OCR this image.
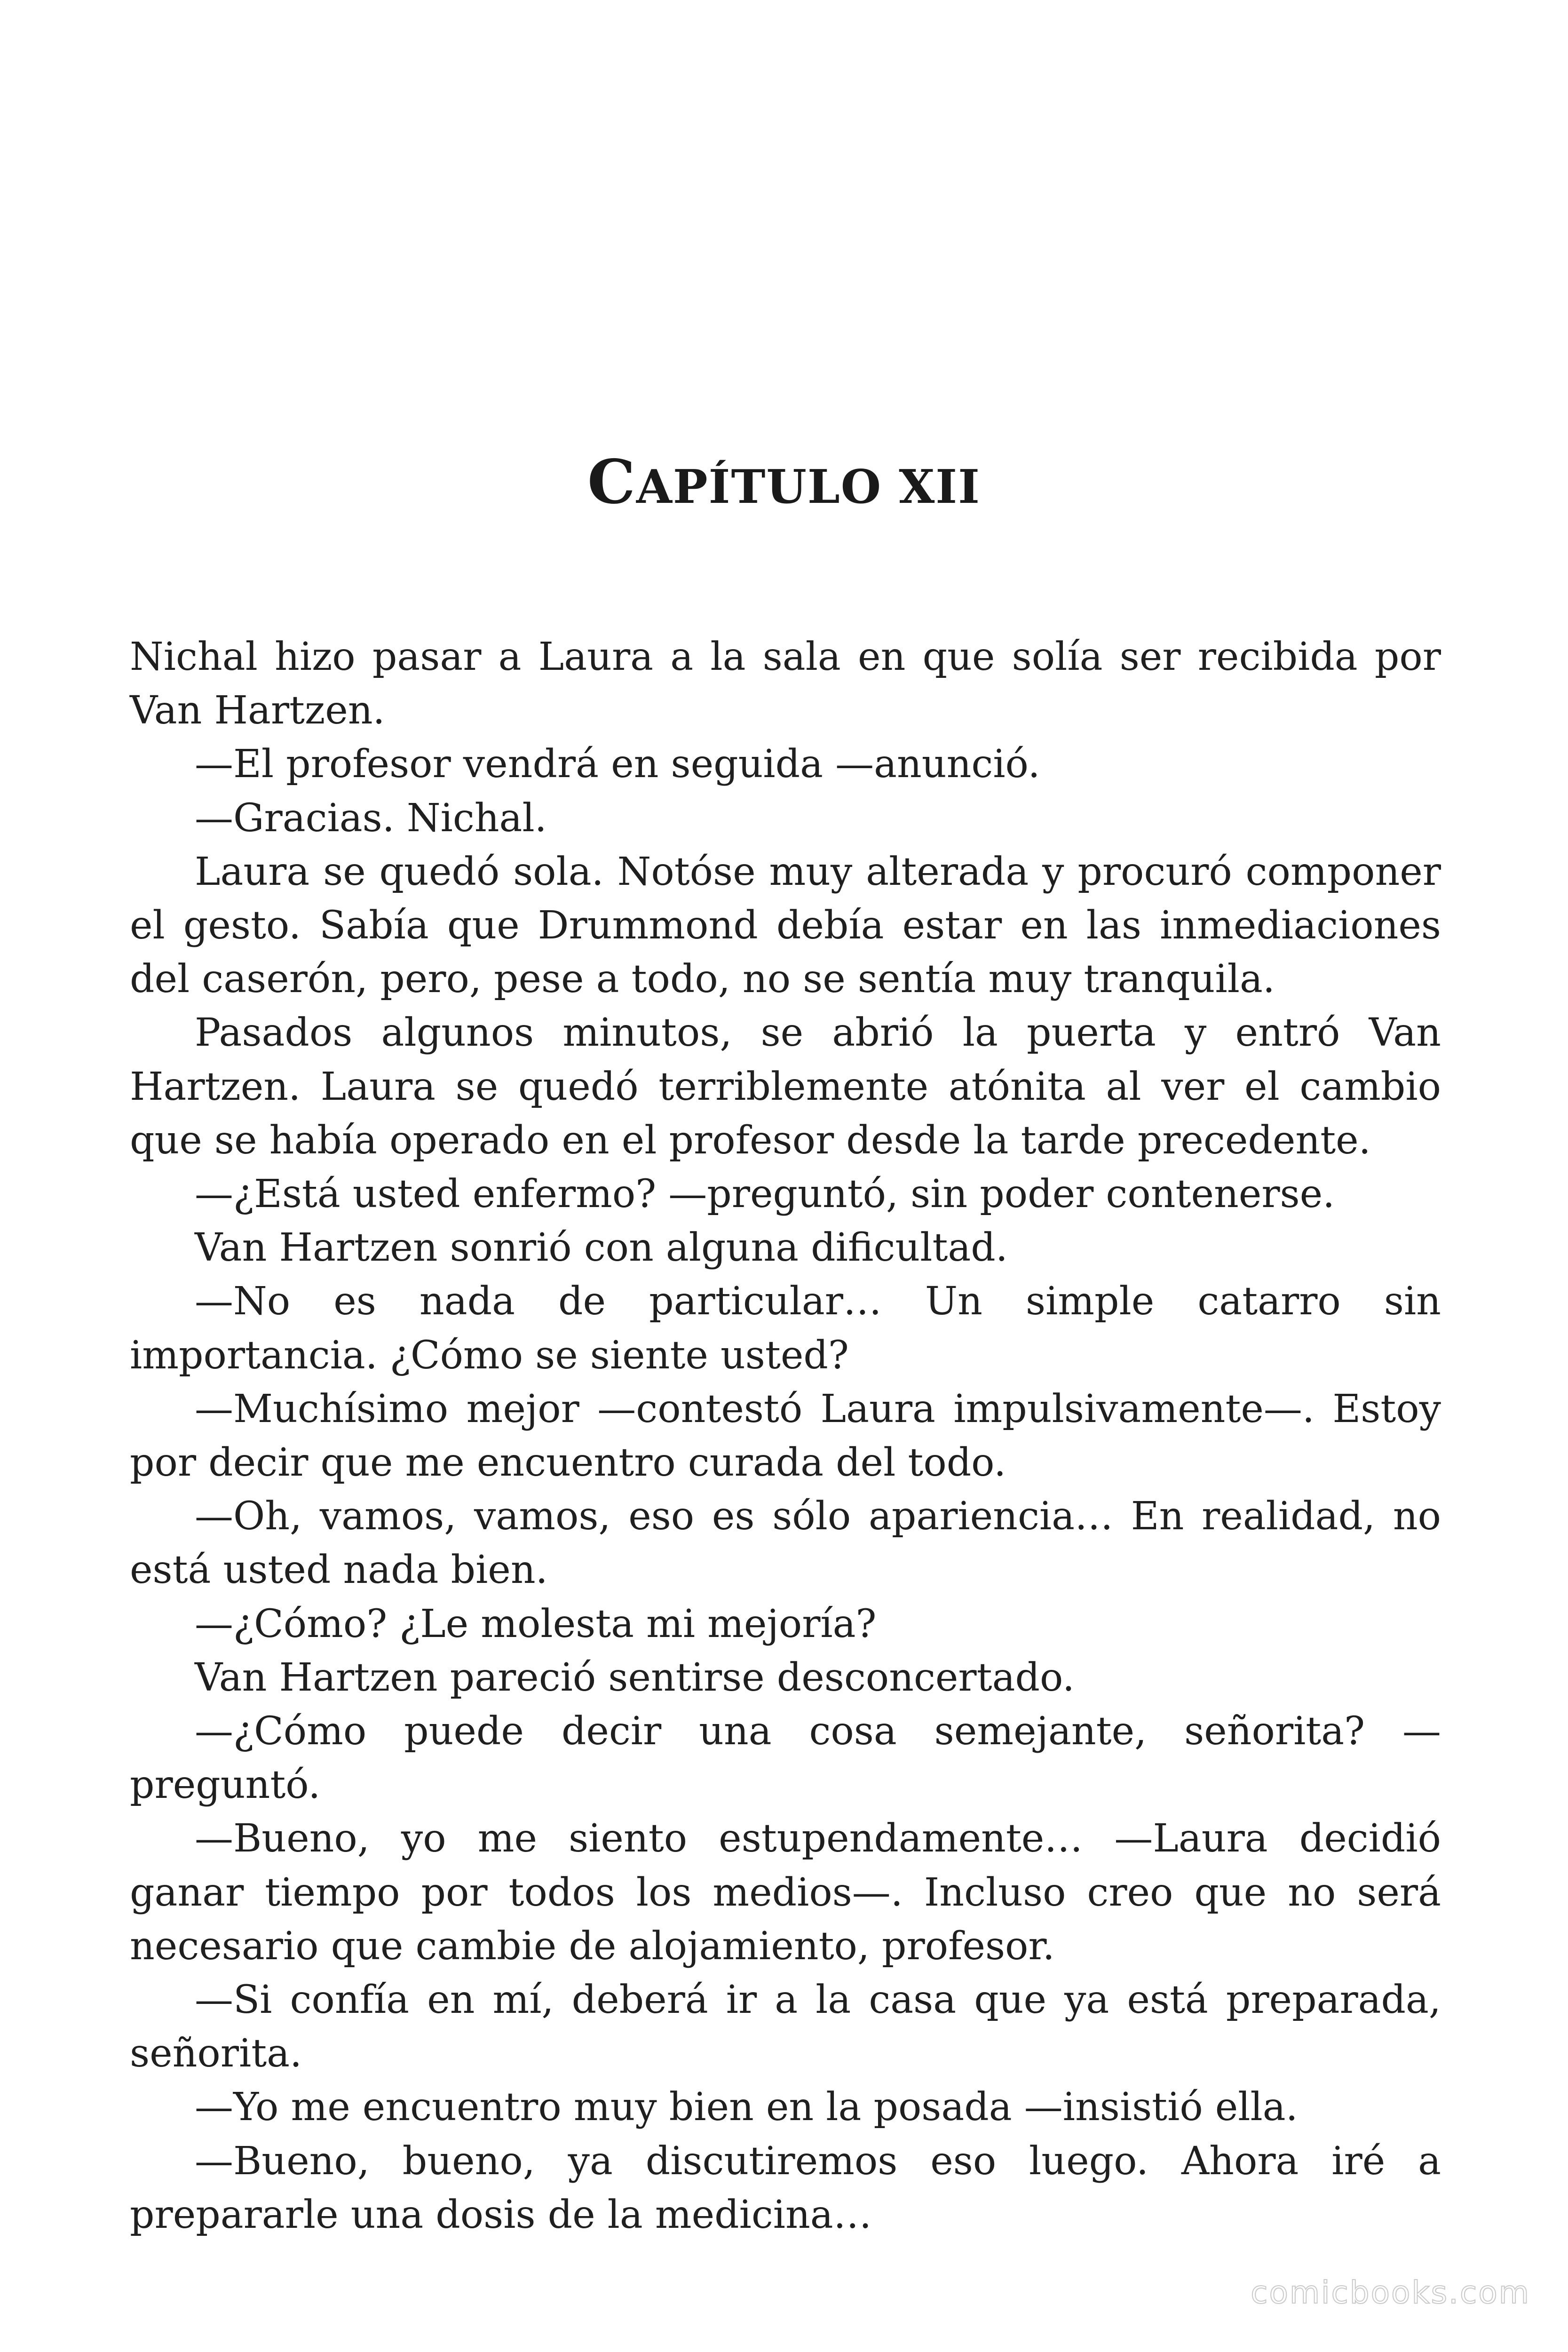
CAPÍTULO XII

Nichal hizo pasar a Laura a la sala en que solía ser recibida por Van Hartzen.

—El profesor vendrá en seguida —anunció.

—Gracias. Nichal.

Laura se quedó sola. Notóse muy alterada y procuró componer el gesto. Sabía que Drummond debía estar en las inmediaciones del caserón, pero, pese a todo, no se sentía muy tranquila.

Pasados algunos minutos, se abrió la puerta y entró Van Hartzen. Laura se quedó terriblemente atónita al ver el cambio que se había operado en el profesor desde la tarde precedente.

—¿Está usted enfermo? —preguntó, sin poder contenerse.

Van Hartzen sonrió con alguna dificultad.

—No es nada de particular… Un simple catarro sin importancia. ¿Cómo se siente usted?

—Muchísimo mejor —contestó Laura impulsivamente—. Estoy por decir que me encuentro curada del todo.

—Oh, vamos, vamos, eso es sólo apariencia… En realidad, no está usted nada bien.

—¿Cómo? ¿Le molesta mi mejoría?

Van Hartzen pareció sentirse desconcertado.

—¿Cómo puede decir una cosa semejante, señorita? —preguntó.

—Bueno, yo me siento estupendamente… —Laura decidió ganar tiempo por todos los medios—. Incluso creo que no será necesario que cambie de alojamiento, profesor.

—Si confía en mí, deberá ir a la casa que ya está preparada, señorita.

—Yo me encuentro muy bien en la posada —insistió ella.

—Bueno, bueno, ya discutiremos eso luego. Ahora iré a prepararle una dosis de la medicina…

comicbooks.com
